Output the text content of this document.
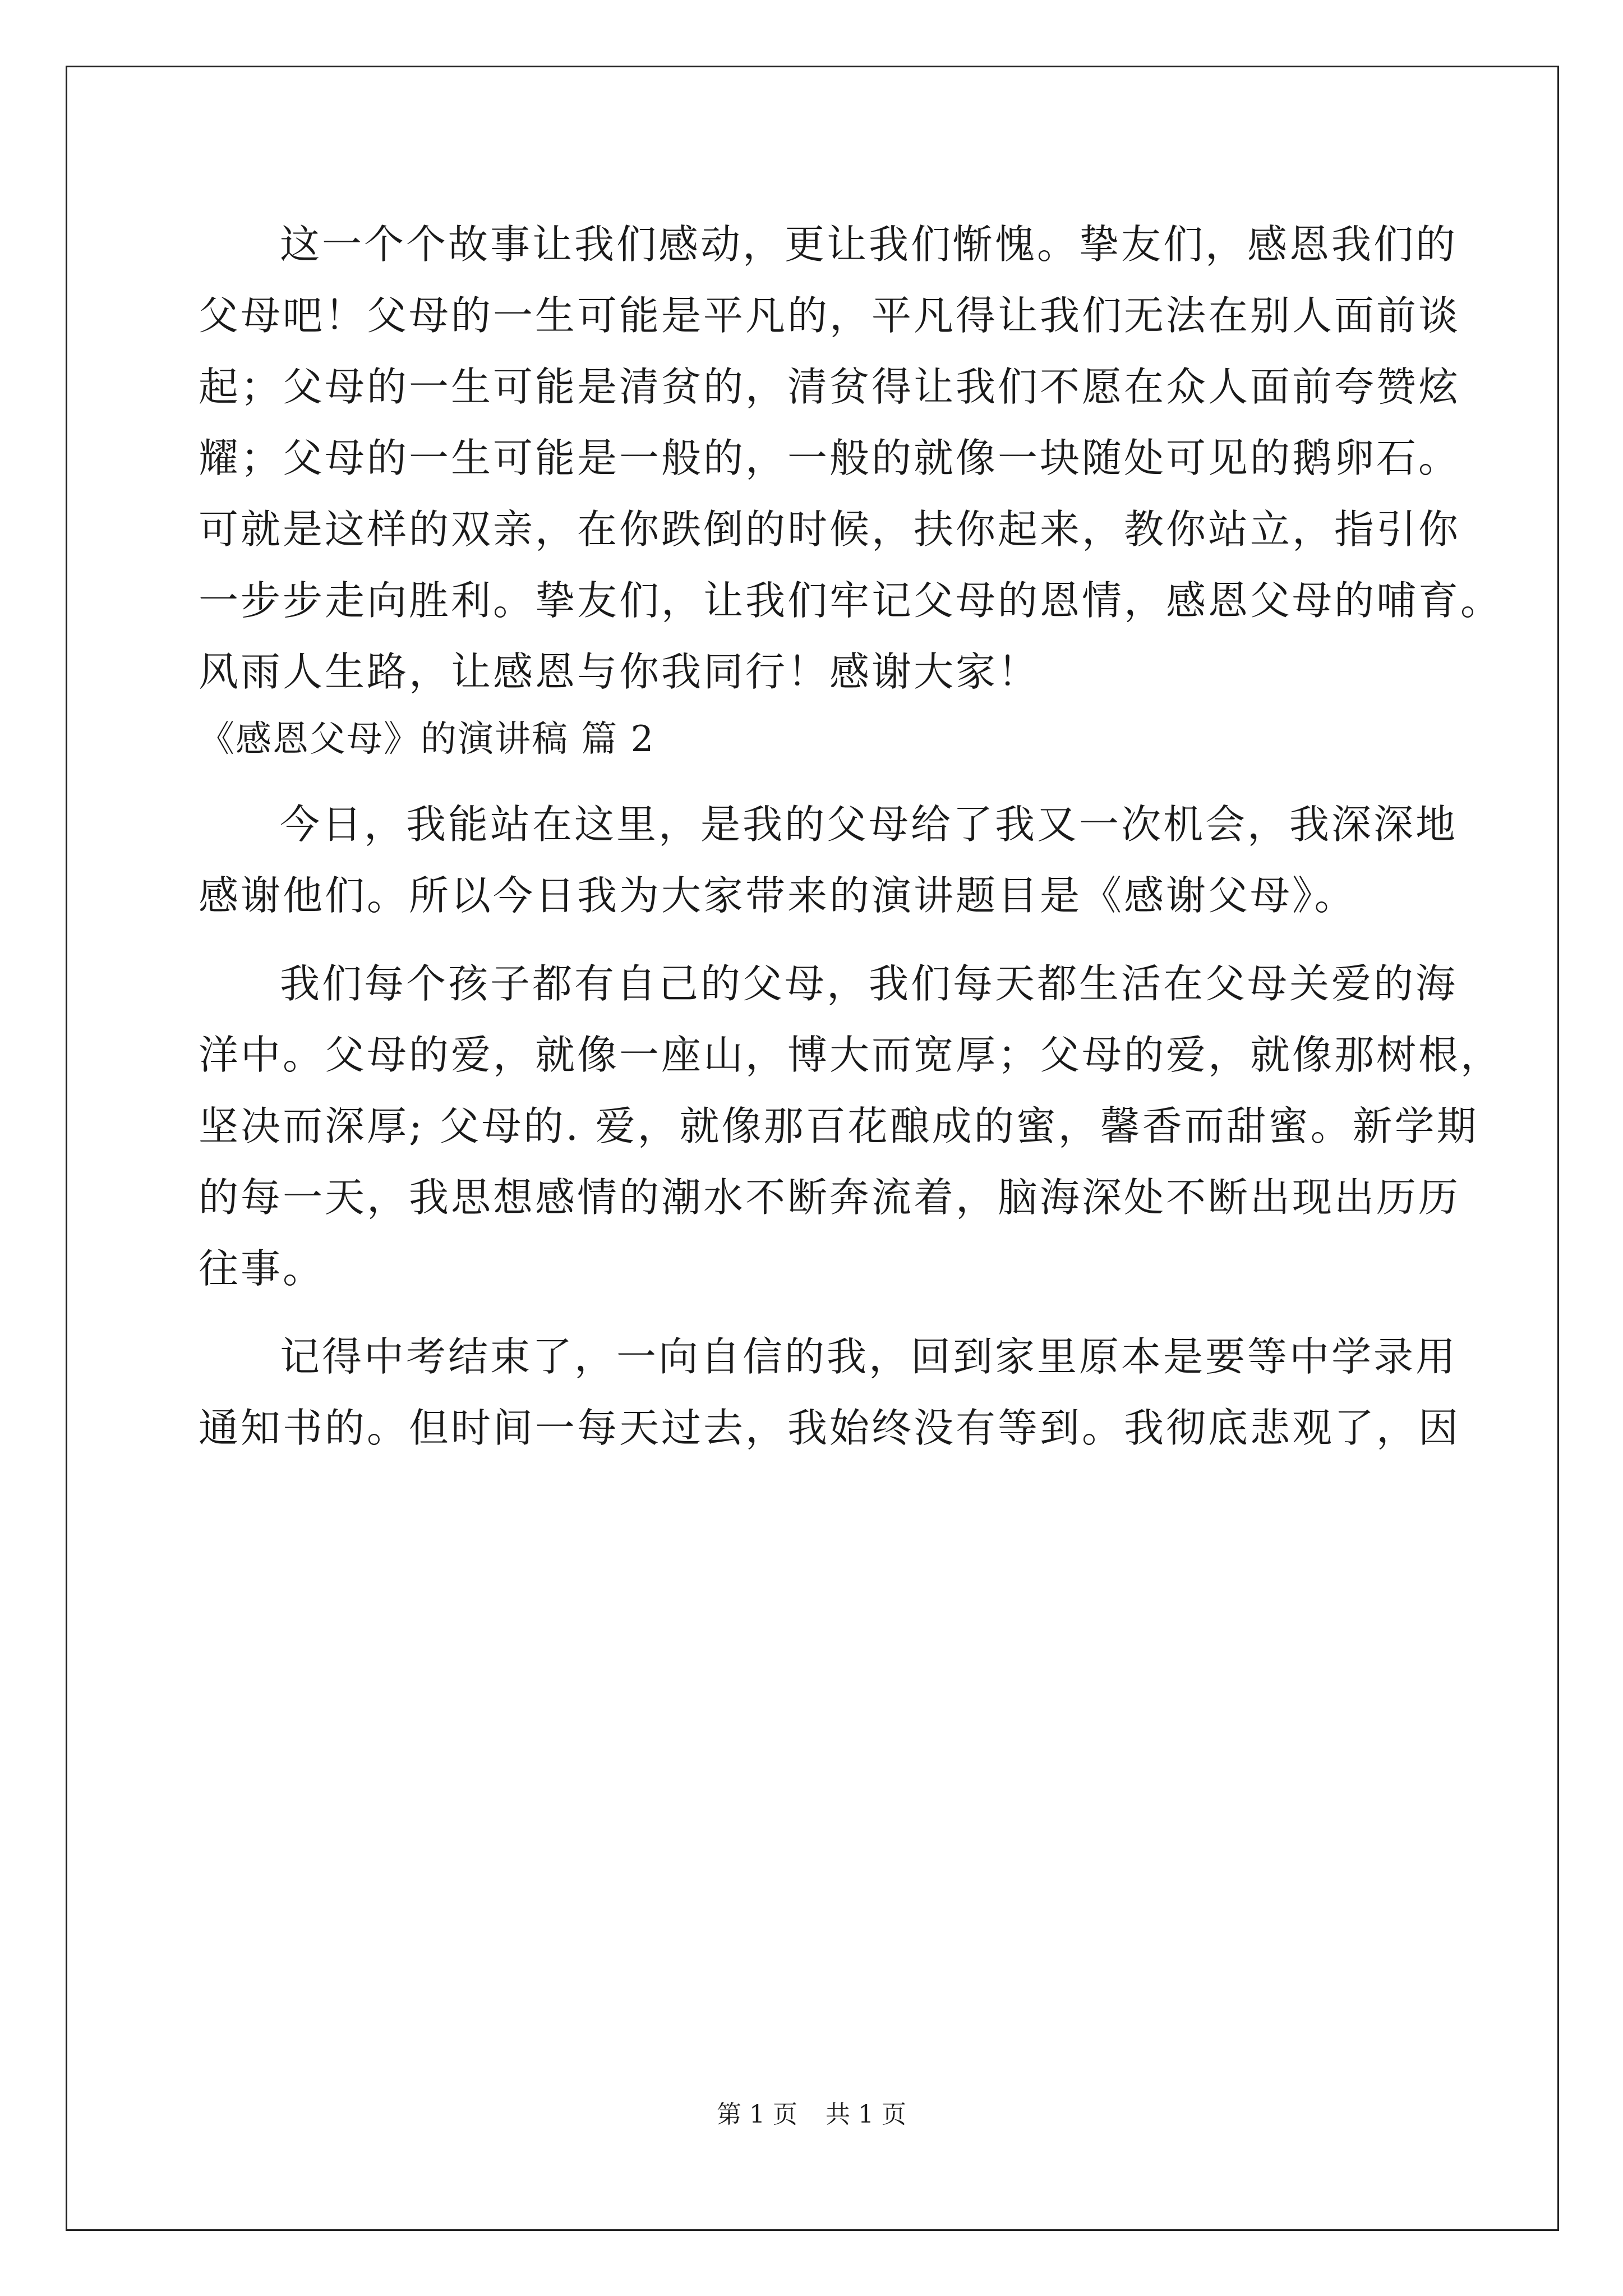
这一个个故事让我们感动，更让我们惭愧。挚友们，感恩我们的
父母吧！父母的一生可能是平凡的，平凡得让我们无法在别人面前谈
起；父母的一生可能是清贫的，清贫得让我们不愿在众人面前夸赞炫
耀；父母的一生可能是一般的，一般的就像一块随处可见的鹅卵石。
可就是这样的双亲，在你跌倒的时候，扶你起来，教你站立，指引你
一步步走向胜利。挚友们，让我们牢记父母的恩情，感恩父母的哺育。
风雨人生路，让感恩与你我同行！感谢大家！
《感恩父母》的演讲稿 篇 2
今日，我能站在这里，是我的父母给了我又一次机会，我深深地
感谢他们。所以今日我为大家带来的演讲题目是《感谢父母》。
我们每个孩子都有自己的父母，我们每天都生活在父母关爱的海
洋中。父母的爱，就像一座山，博大而宽厚；父母的爱，就像那树根，
坚决而深厚; 父母的. 爱，就像那百花酿成的蜜，馨香而甜蜜。新学期
的每一天，我思想感情的潮水不断奔流着，脑海深处不断出现出历历
往事。
记得中考结束了，一向自信的我，回到家里原本是要等中学录用
通知书的。但时间一每天过去，我始终没有等到。我彻底悲观了，因
第 1 页 共 1 页
